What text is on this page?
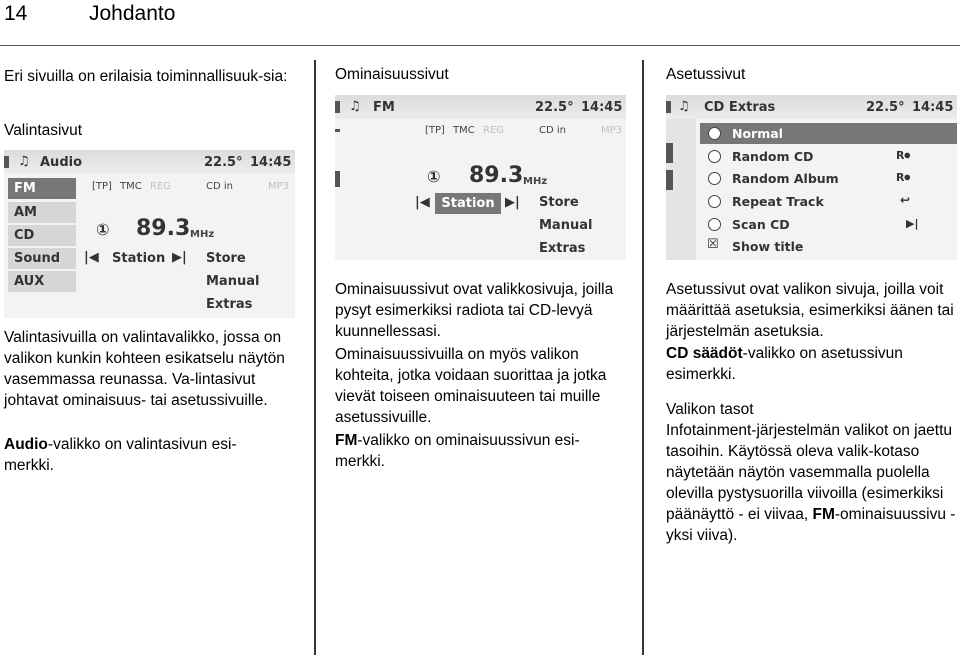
14	Johdanto

Eri sivuilla on erilaisia toiminnallisuuk-sia:

Valintasivut

♫ Audio	22.5° 14:45
FM
AM
CD
Sound
AUX
[TP] TMC REG	CD in	MP3
① 89.3 MHz
|◀ Station ▶| Store
Manual
Extras

Valintasivuilla on valintavalikko, jossa on valikon kunkin kohteen esikatselu näytön vasemmassa reunassa. Va-lintasivut johtavat ominaisuus- tai asetussivuille.

Audio-valikko on valintasivun esi-merkki.

Ominaisuussivut

♫ FM	22.5° 14:45
[TP] TMC REG	CD in	MP3
① 89.3 MHz
|◀ Station ▶| Store
Manual
Extras

Ominaisuussivut ovat valikkosivuja, joilla pysyt esimerkiksi radiota tai CD-levyä kuunnellessasi.

Ominaisuussivuilla on myös valikon kohteita, jotka voidaan suorittaa ja jotka vievät toiseen ominaisuuteen tai muille asetussivuille.

FM-valikko on ominaisuussivun esi-merkki.

Asetussivut

♫ CD Extras	22.5° 14:45
Normal
Random CD	R⏺
Random Album	R⏺
Repeat Track	↩
Scan CD	▶|
☒ Show title

Asetussivut ovat valikon sivuja, joilla voit määrittää asetuksia, esimerkiksi äänen tai järjestelmän asetuksia.

CD säädöt-valikko on asetussivun esimerkki.

Valikon tasot

Infotainment-järjestelmän valikot on jaettu tasoihin. Käytössä oleva valik-kotaso näytetään näytön vasemmalla puolella olevilla pystysuorilla viivoilla (esimerkiksi päänäyttö - ei viivaa, FM-ominaisuussivu - yksi viiva).
